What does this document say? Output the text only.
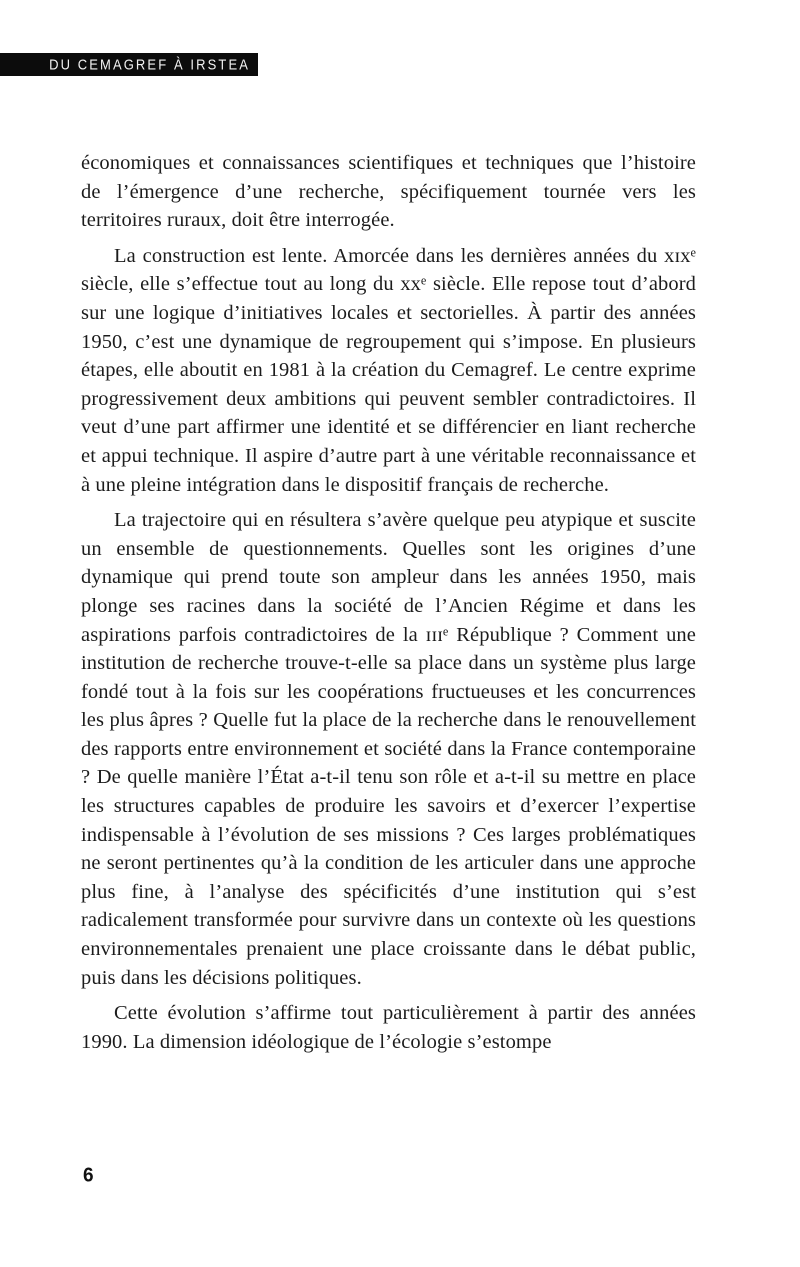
DU CEMAGREF À IRSTEA

économiques et connaissances scientifiques et techniques que l’histoire de l’émergence d’une recherche, spécifiquement tournée vers les territoires ruraux, doit être interrogée.

La construction est lente. Amorcée dans les dernières années du xɪxᵉ siècle, elle s’effectue tout au long du xxᵉ siècle. Elle repose tout d’abord sur une logique d’initiatives locales et sectorielles. À partir des années 1950, c’est une dynamique de regroupement qui s’impose. En plusieurs étapes, elle aboutit en 1981 à la création du Cemagref. Le centre exprime progressivement deux ambitions qui peuvent sembler contradictoires. Il veut d’une part affirmer une identité et se différencier en liant recherche et appui technique. Il aspire d’autre part à une véritable reconnaissance et à une pleine intégration dans le dispositif français de recherche.

La trajectoire qui en résultera s’avère quelque peu atypique et suscite un ensemble de questionnements. Quelles sont les origines d’une dynamique qui prend toute son ampleur dans les années 1950, mais plonge ses racines dans la société de l’Ancien Régime et dans les aspirations parfois contradictoires de la ɪɪɪᵉ République ? Comment une institution de recherche trouve-t-elle sa place dans un système plus large fondé tout à la fois sur les coopérations fructueuses et les concurrences les plus âpres ? Quelle fut la place de la recherche dans le renouvellement des rapports entre environnement et société dans la France contemporaine ? De quelle manière l’État a-t-il tenu son rôle et a-t-il su mettre en place les structures capables de produire les savoirs et d’exercer l’expertise indispensable à l’évolution de ses missions ? Ces larges problématiques ne seront pertinentes qu’à la condition de les articuler dans une approche plus fine, à l’analyse des spécificités d’une institution qui s’est radicalement transformée pour survivre dans un contexte où les questions environnementales prenaient une place croissante dans le débat public, puis dans les décisions politiques.

Cette évolution s’affirme tout particulièrement à partir des années 1990. La dimension idéologique de l’écologie s’estompe

6
